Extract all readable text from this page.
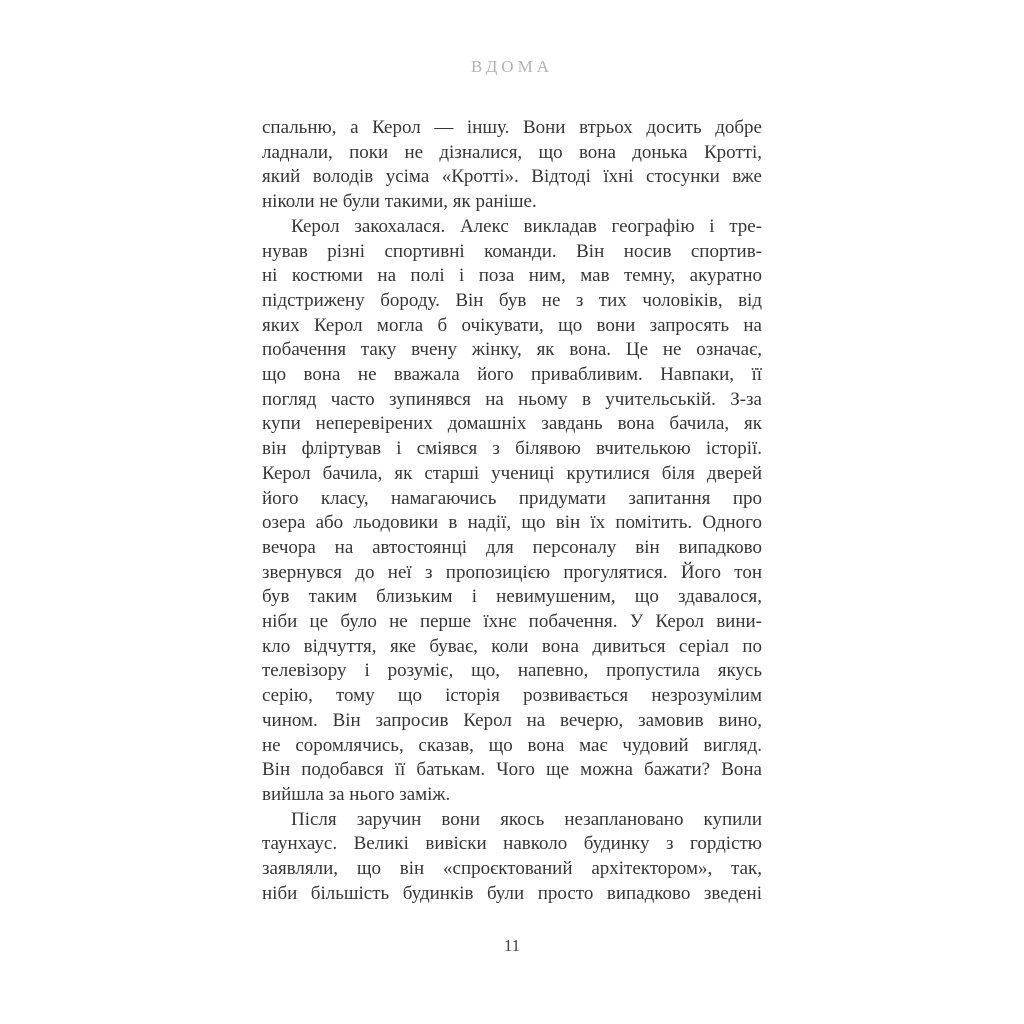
ВДОМА
спальню, а Керол — іншу. Вони втрьох досить добре
ладнали, поки не дізналися, що вона донька Кротті,
який володів усіма «Кротті». Відтоді їхні стосунки вже
ніколи не були такими, як раніше.
Керол закохалася. Алекс викладав географію і тре-
нував різні спортивні команди. Він носив спортив-
ні костюми на полі і поза ним, мав темну, акуратно
підстрижену бороду. Він був не з тих чоловіків, від
яких Керол могла б очікувати, що вони запросять на
побачення таку вчену жінку, як вона. Це не означає,
що вона не вважала його привабливим. Навпаки, її
погляд часто зупинявся на ньому в учительській. З-за
купи неперевірених домашніх завдань вона бачила, як
він фліртував і сміявся з білявою вчителькою історії.
Керол бачила, як старші учениці крутилися біля дверей
його класу, намагаючись придумати запитання про
озера або льодовики в надії, що він їх помітить. Одного
вечора на автостоянці для персоналу він випадково
звернувся до неї з пропозицією прогулятися. Його тон
був таким близьким і невимушеним, що здавалося,
ніби це було не перше їхнє побачення. У Керол вини-
кло відчуття, яке буває, коли вона дивиться серіал по
телевізору і розуміє, що, напевно, пропустила якусь
серію, тому що історія розвивається незрозумілим
чином. Він запросив Керол на вечерю, замовив вино,
не соромлячись, сказав, що вона має чудовий вигляд.
Він подобався її батькам. Чого ще можна бажати? Вона
вийшла за нього заміж.
Після заручин вони якось незаплановано купили
таунхаус. Великі вивіски навколо будинку з гордістю
заявляли, що він «спроєктований архітектором», так,
ніби більшість будинків були просто випадково зведені
11
